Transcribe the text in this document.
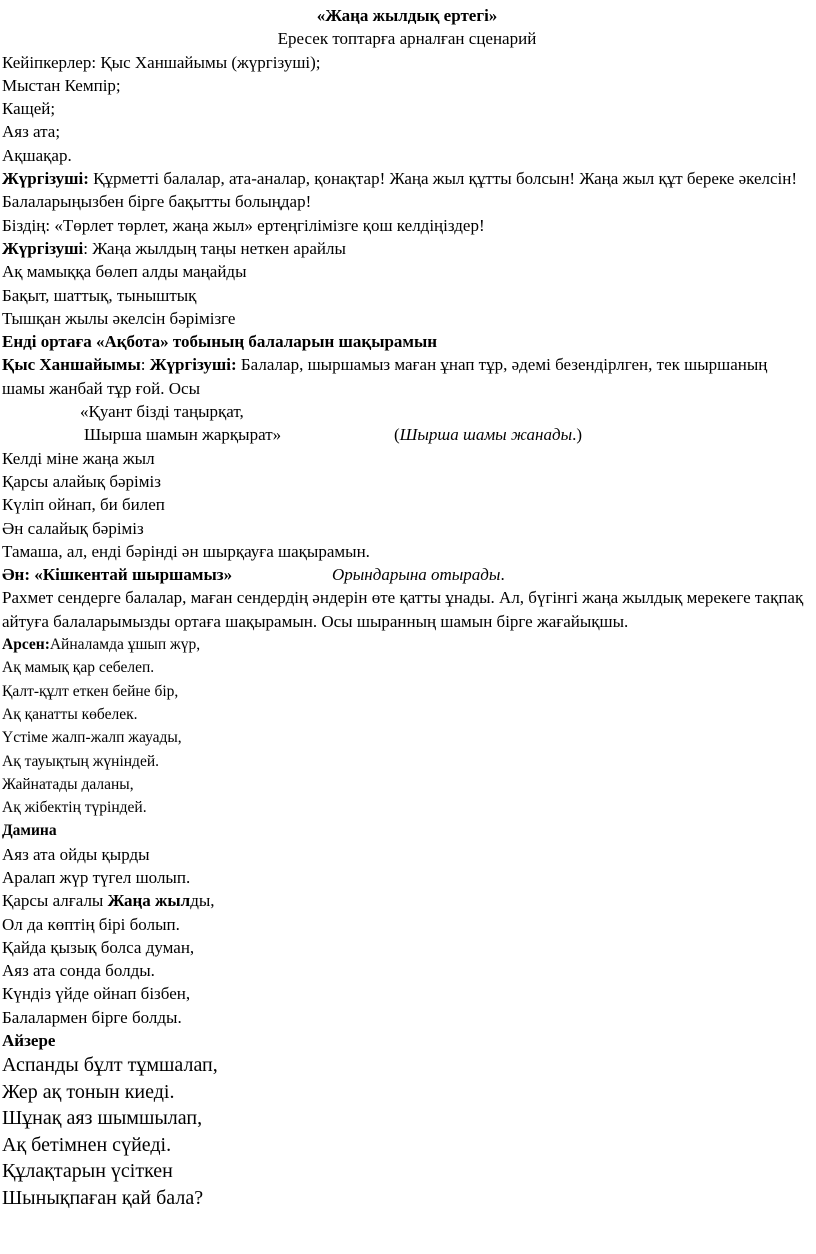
«Жаңа жылдық ертегі»
Ересек топтарға арналған сценарий
Кейіпкерлер: Қыс Ханшайымы (жүргізуші);
Мыстан Кемпір;
Кащей;
Аяз ата;
Ақшақар.
Жүргізуші: Құрметті балалар, ата-аналар, қонақтар! Жаңа жыл құтты болсын! Жаңа жыл құт береке әкелсін! Балаларыңызбен бірге бақытты болыңдар!
Біздің: «Төрлет төрлет, жаңа жыл» ертеңгілімізге қош келдіңіздер!
Жүргізуші: Жаңа жылдың таңы неткен арайлы
Ақ мамыққа бөлеп алды маңайды
Бақыт, шаттық, тыныштық
Тышқан жылы әкелсін бәрімізге
Енді ортаға «Ақбота» тобының балаларын шақырамын
Қыс Ханшайымы: Жүргізуші: Балалар, шыршамыз маған ұнап тұр, әдемі безендірлген, тек шыршаның шамы жанбай тұр ғой. Осы
«Қуант бізді таңырқат,
Шырша шамын жарқырат»	(Шырша шамы жанады.)
Келді міне жаңа жыл
Қарсы алайық бәріміз
Күліп ойнап, би билеп
Ән салайық бәріміз
Тамаша, ал, енді бәрінді ән шырқауға шақырамын.
Ән: «Кішкентай шыршамыз»	Орындарына отырады.
Рахмет сендерге балалар, маған сендердің әндерін өте қатты ұнады. Ал, бүгінгі жаңа жылдық мерекеге тақпақ айтуға балаларымызды ортаға шақырамын. Осы шыранның шамын бірге жағайықшы.
Арсен:Айналамда ұшып жүр,
Ақ мамық қар себелеп.
Қалт-құлт еткен бейне бір,
Ақ қанатты көбелек.
Үстіме жалп-жалп жауады,
Ақ тауықтың жүніндей.
Жайнатады даланы,
Ақ жібектің түріндей.
Дамина
Аяз ата ойды қырды
Аралап жүр түгел шолып.
Қарсы алғалы Жаңа жылды,
Ол да көптің бірі болып.
Қайда қызық болса думан,
Аяз ата сонда болды.
Күндіз үйде ойнап бізбен,
Балалармен бірге болды.
Айзере
Аспанды бұлт тұмшалап,
Жер ақ тонын киеді.
Шұнақ аяз шымшылап,
Ақ бетімнен сүйеді.
Құлақтарын үсіткен
Шынықпаған қай бала?
